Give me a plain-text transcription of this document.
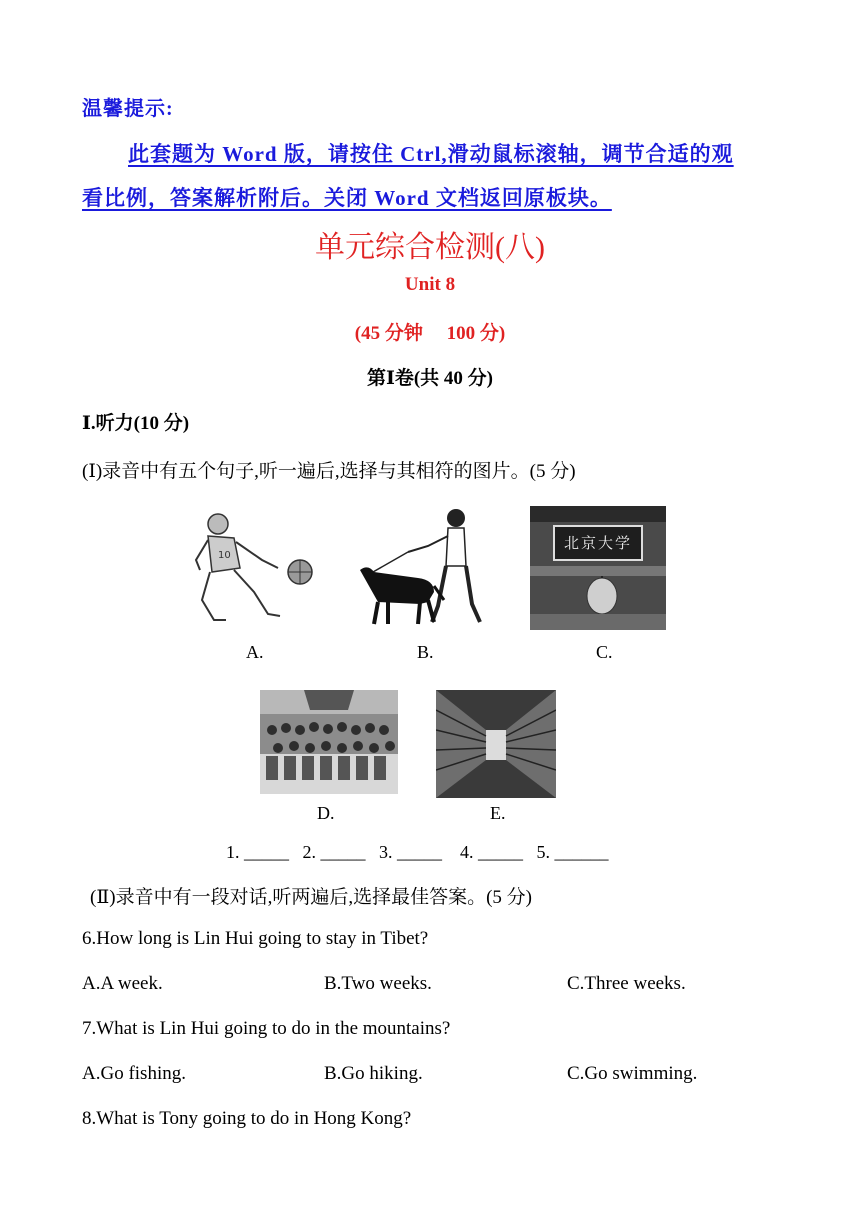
温馨提示:
此套题为 Word 版，请按住 Ctrl,滑动鼠标滚轴，调节合适的观
看比例，答案解析附后。关闭 Word 文档返回原板块。
单元综合检测(八)
Unit 8
(45 分钟     100 分)
第Ⅰ卷(共 40 分)
Ⅰ.听力(10 分)
(Ⅰ)录音中有五个句子,听一遍后,选择与其相符的图片。(5 分)
10
A.	B.
北京大学
C.
D.	E.
1. _____   2. _____   3. _____    4. _____   5. ______
(Ⅱ)录音中有一段对话,听两遍后,选择最佳答案。(5 分)
6.How long is Lin Hui going to stay in Tibet?
A.A week.	B.Two weeks.	C.Three weeks.
7.What is Lin Hui going to do in the mountains?
A.Go fishing.	B.Go hiking.	C.Go swimming.
8.What is Tony going to do in Hong Kong?
